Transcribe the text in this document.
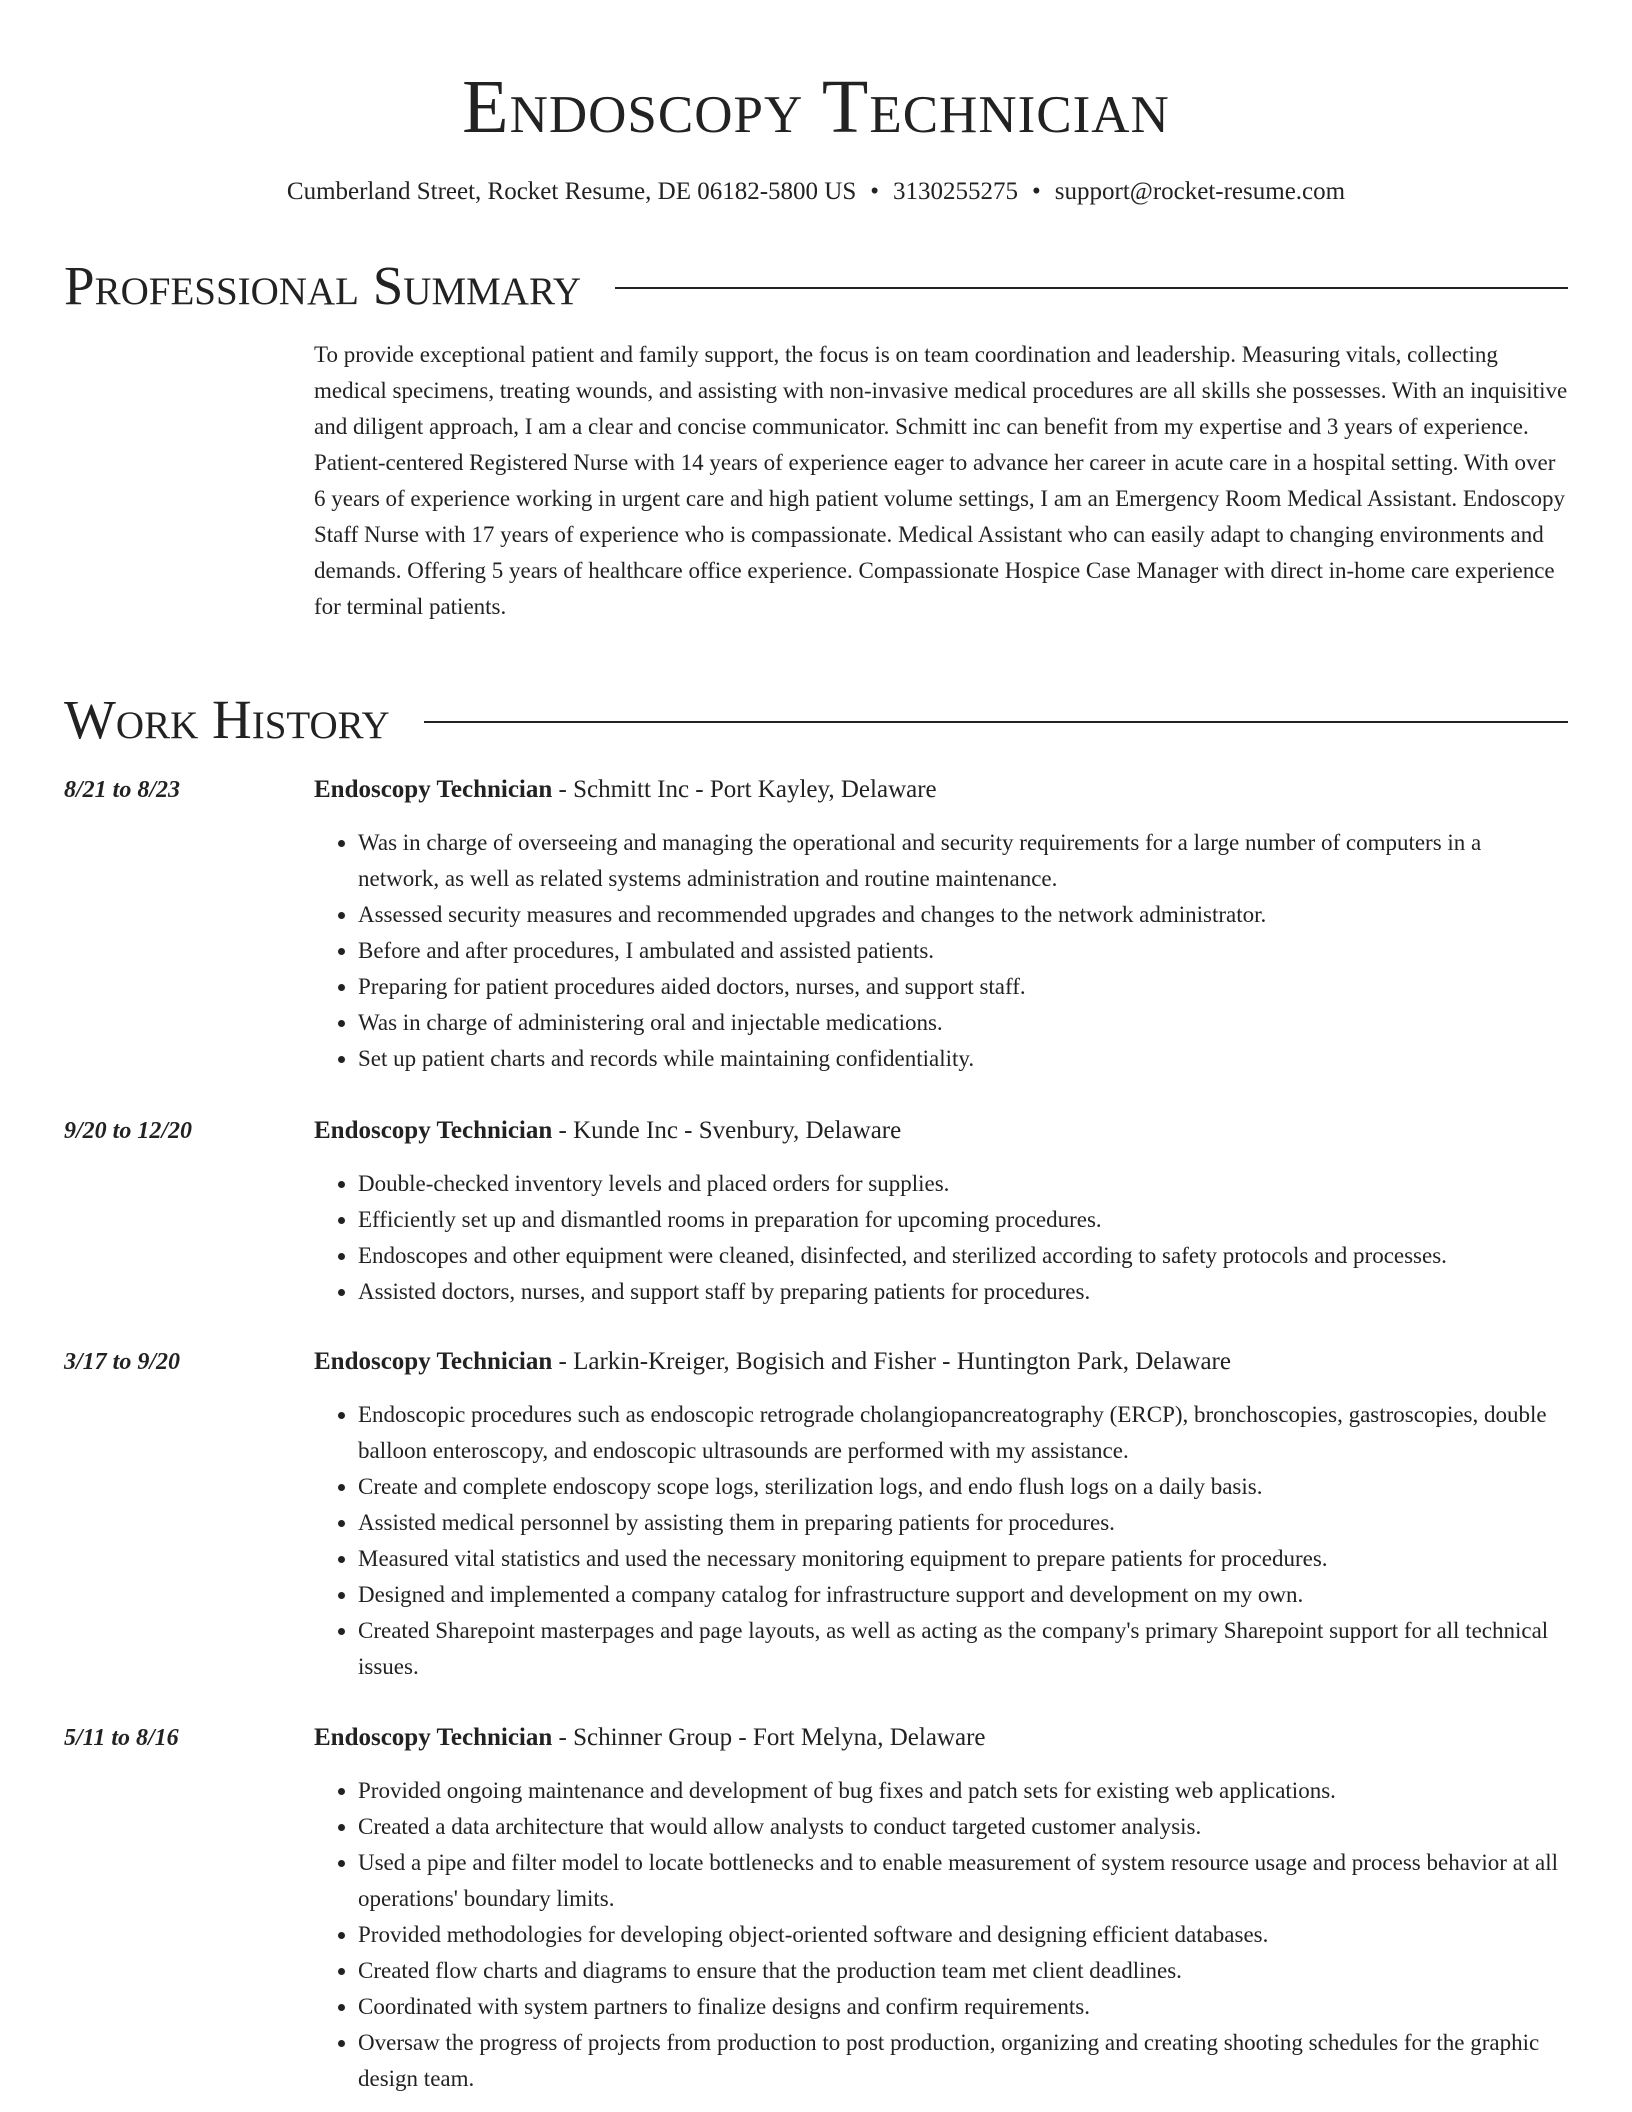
Endoscopy Technician
Cumberland Street, Rocket Resume, DE 06182-5800 US • 3130255275 • support@rocket-resume.com
Professional Summary
To provide exceptional patient and family support, the focus is on team coordination and leadership. Measuring vitals, collecting medical specimens, treating wounds, and assisting with non-invasive medical procedures are all skills she possesses. With an inquisitive and diligent approach, I am a clear and concise communicator. Schmitt inc can benefit from my expertise and 3 years of experience. Patient-centered Registered Nurse with 14 years of experience eager to advance her career in acute care in a hospital setting. With over 6 years of experience working in urgent care and high patient volume settings, I am an Emergency Room Medical Assistant. Endoscopy Staff Nurse with 17 years of experience who is compassionate. Medical Assistant who can easily adapt to changing environments and demands. Offering 5 years of healthcare office experience. Compassionate Hospice Case Manager with direct in-home care experience for terminal patients.
Work History
8/21 to 8/23	Endoscopy Technician - Schmitt Inc - Port Kayley, Delaware
• Was in charge of overseeing and managing the operational and security requirements for a large number of computers in a network, as well as related systems administration and routine maintenance.
• Assessed security measures and recommended upgrades and changes to the network administrator.
• Before and after procedures, I ambulated and assisted patients.
• Preparing for patient procedures aided doctors, nurses, and support staff.
• Was in charge of administering oral and injectable medications.
• Set up patient charts and records while maintaining confidentiality.
9/20 to 12/20	Endoscopy Technician - Kunde Inc - Svenbury, Delaware
• Double-checked inventory levels and placed orders for supplies.
• Efficiently set up and dismantled rooms in preparation for upcoming procedures.
• Endoscopes and other equipment were cleaned, disinfected, and sterilized according to safety protocols and processes.
• Assisted doctors, nurses, and support staff by preparing patients for procedures.
3/17 to 9/20	Endoscopy Technician - Larkin-Kreiger, Bogisich and Fisher - Huntington Park, Delaware
• Endoscopic procedures such as endoscopic retrograde cholangiopancreatography (ERCP), bronchoscopies, gastroscopies, double balloon enteroscopy, and endoscopic ultrasounds are performed with my assistance.
• Create and complete endoscopy scope logs, sterilization logs, and endo flush logs on a daily basis.
• Assisted medical personnel by assisting them in preparing patients for procedures.
• Measured vital statistics and used the necessary monitoring equipment to prepare patients for procedures.
• Designed and implemented a company catalog for infrastructure support and development on my own.
• Created Sharepoint masterpages and page layouts, as well as acting as the company's primary Sharepoint support for all technical issues.
5/11 to 8/16	Endoscopy Technician - Schinner Group - Fort Melyna, Delaware
• Provided ongoing maintenance and development of bug fixes and patch sets for existing web applications.
• Created a data architecture that would allow analysts to conduct targeted customer analysis.
• Used a pipe and filter model to locate bottlenecks and to enable measurement of system resource usage and process behavior at all operations' boundary limits.
• Provided methodologies for developing object-oriented software and designing efficient databases.
• Created flow charts and diagrams to ensure that the production team met client deadlines.
• Coordinated with system partners to finalize designs and confirm requirements.
• Oversaw the progress of projects from production to post production, organizing and creating shooting schedules for the graphic design team.
